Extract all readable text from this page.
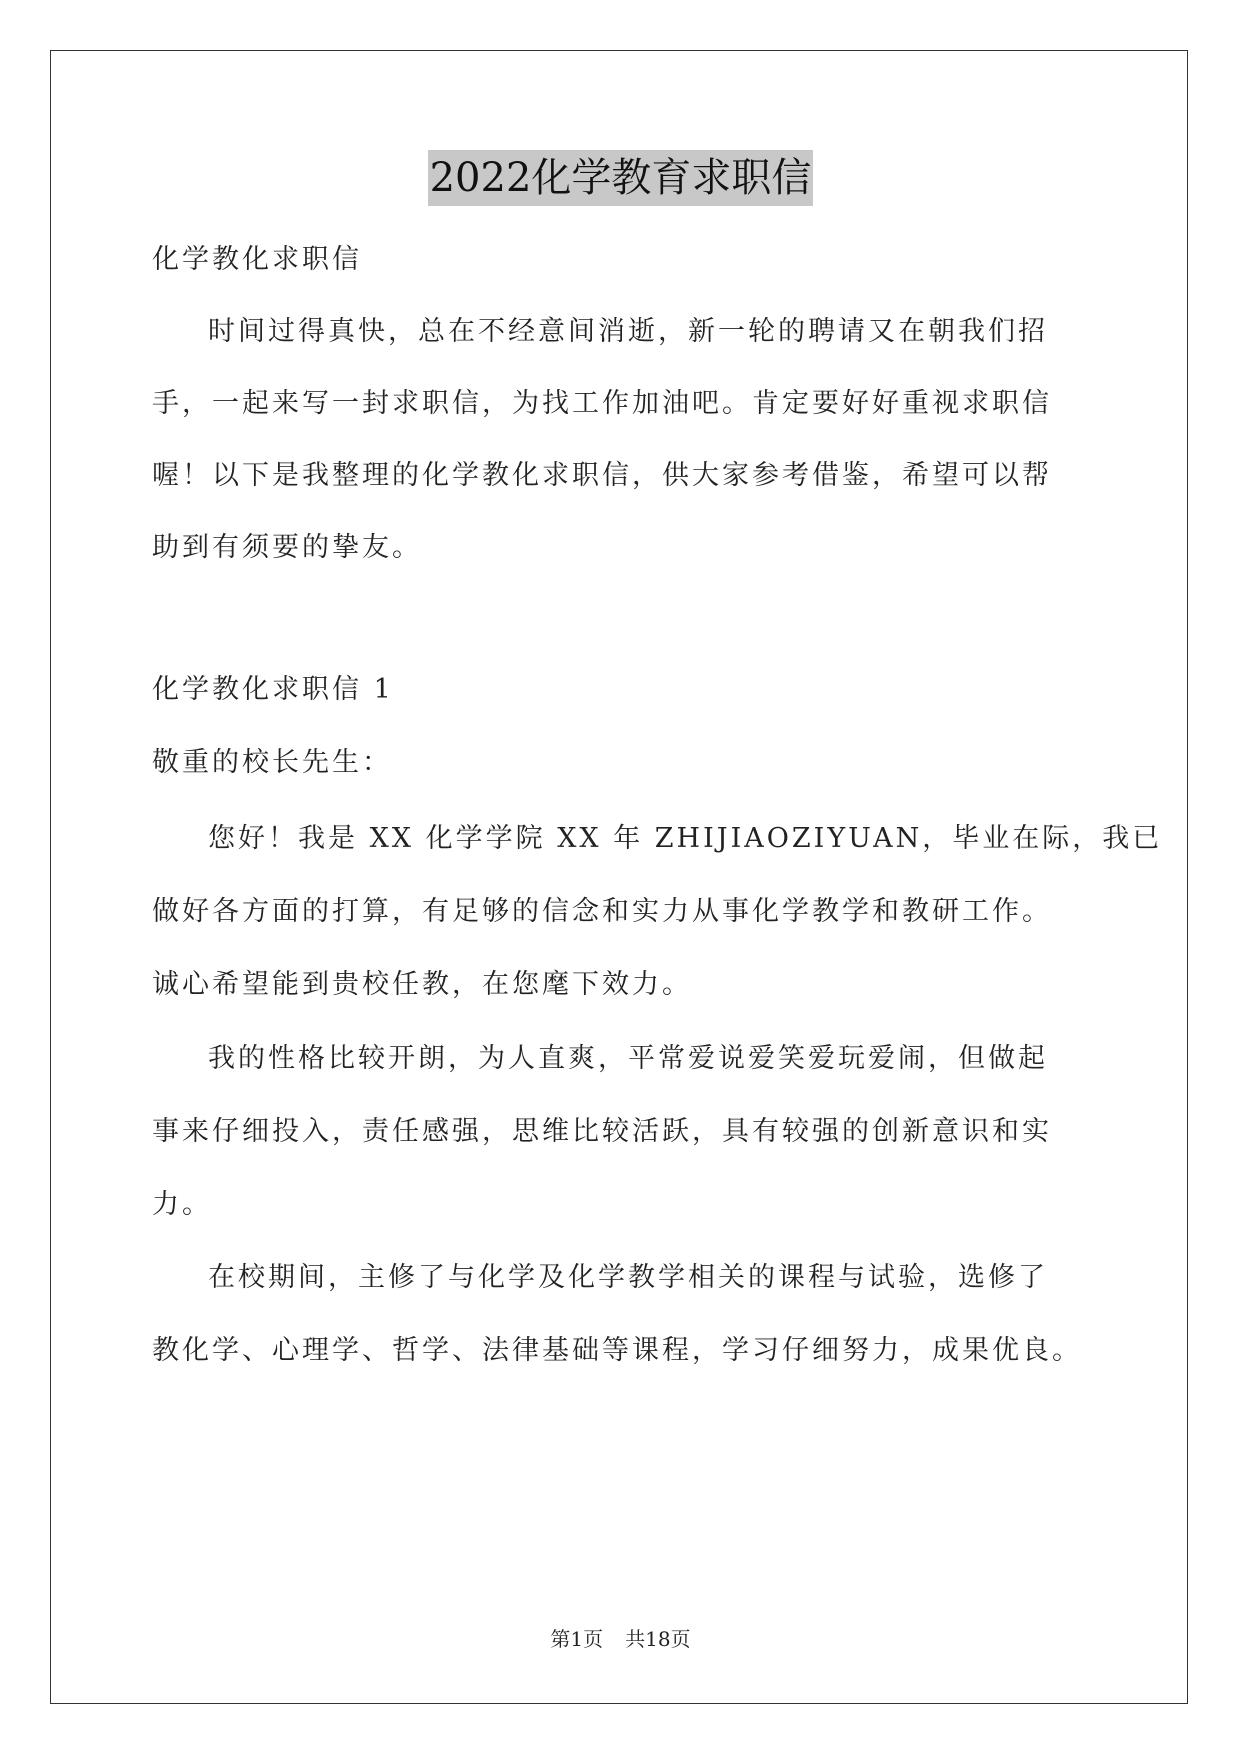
2022化学教育求职信

化学教化求职信

时间过得真快，总在不经意间消逝，新一轮的聘请又在朝我们招

手，一起来写一封求职信，为找工作加油吧。肯定要好好重视求职信

喔！以下是我整理的化学教化求职信，供大家参考借鉴，希望可以帮

助到有须要的挚友。

化学教化求职信 1

敬重的校长先生：

您好！我是 XX 化学学院 XX 年 ZHIJIAOZIYUAN，毕业在际，我已

做好各方面的打算，有足够的信念和实力从事化学教学和教研工作。

诚心希望能到贵校任教，在您麾下效力。

我的性格比较开朗，为人直爽，平常爱说爱笑爱玩爱闹，但做起

事来仔细投入，责任感强，思维比较活跃，具有较强的创新意识和实

力。

在校期间，主修了与化学及化学教学相关的课程与试验，选修了

教化学、心理学、哲学、法律基础等课程，学习仔细努力，成果优良。

第1页 共18页
